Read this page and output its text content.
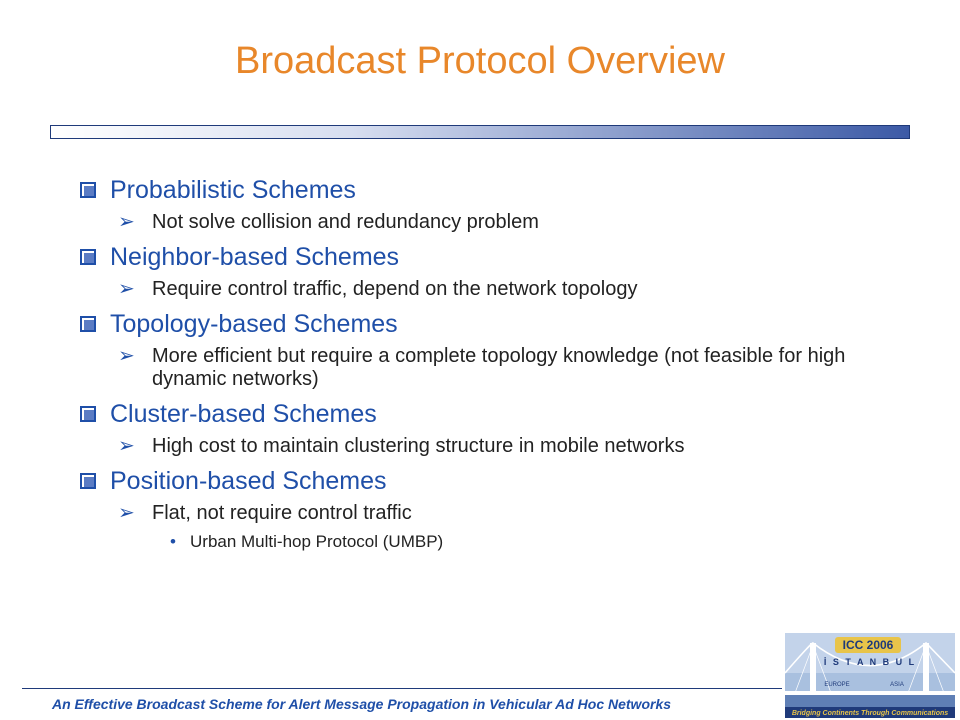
Broadcast Protocol Overview
Probabilistic Schemes
➢ Not solve collision and redundancy problem
Neighbor-based Schemes
➢ Require control traffic, depend on the network topology
Topology-based Schemes
➢ More efficient but require a complete topology knowledge (not feasible for high dynamic networks)
Cluster-based Schemes
➢ High cost to maintain clustering structure in mobile networks
Position-based Schemes
➢ Flat, not require control traffic
• Urban Multi-hop Protocol (UMBP)
An Effective Broadcast Scheme for Alert Message Propagation in Vehicular Ad Hoc Networks
ICC 2006
İ S T A N B U L
EUROPE	ASIA
Bridging Continents Through Communications
